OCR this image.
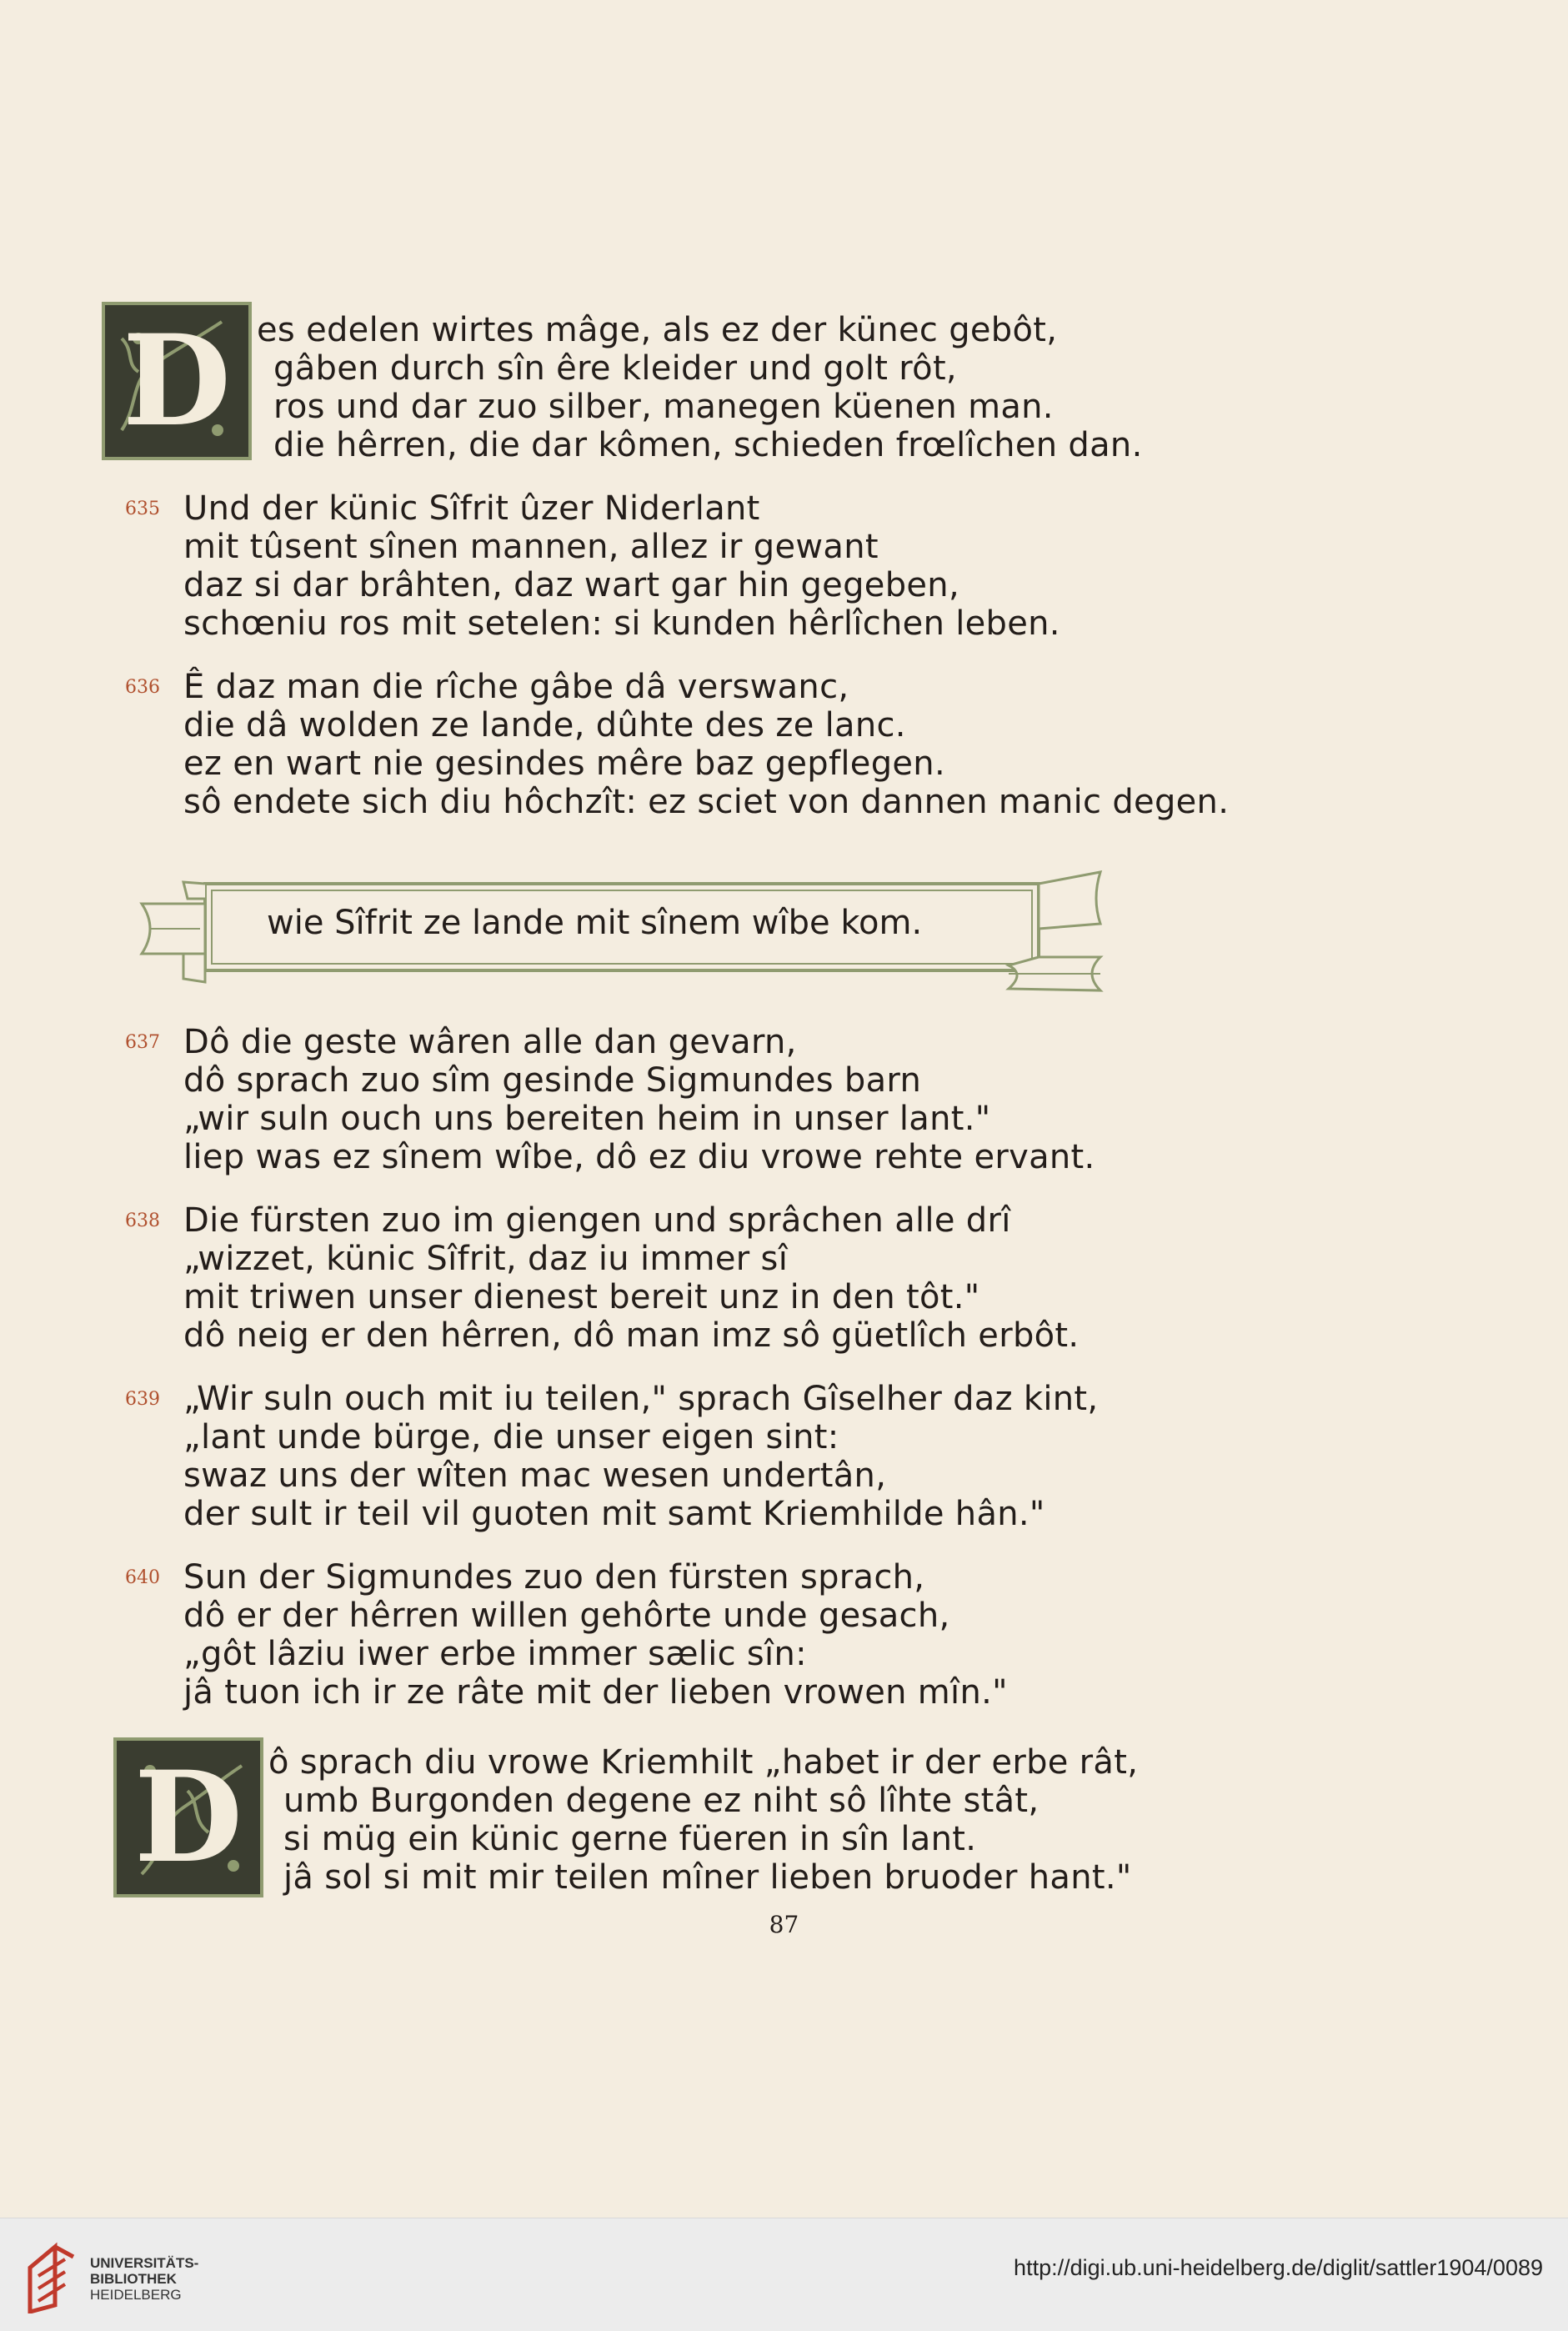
D es edelen wirtes mâge, als ez der künec gebôt,
gâben durch sîn êre kleider und golt rôt,
ros und dar zuo silber, manegen küenen man.
die hêrren, die dar kômen, schieden frœlîchen dan.
635 Und der künic Sîfrit ûzer Niderlant
mit tûsent sînen mannen, allez ir gewant
daz si dar brâhten, daz wart gar hin gegeben,
schœniu ros mit setelen: si kunden hêrlîchen leben.
636 Ê daz man die rîche gâbe dâ verswanc,
die dâ wolden ze lande, dûhte des ze lanc.
ez en wart nie gesindes mêre baz gepflegen.
sô endete sich diu hôchzît: ez sciet von dannen manic degen.
wie Sîfrit ze lande mit sînem wîbe kom.
637 Dô die geste wâren alle dan gevarn,
dô sprach zuo sîm gesinde Sigmundes barn
„wir suln ouch uns bereiten heim in unser lant."
liep was ez sînem wîbe, dô ez diu vrowe rehte ervant.
638 Die fürsten zuo im giengen und sprâchen alle drî
„wizzet, künic Sîfrit, daz iu immer sî
mit triwen unser dienest bereit unz in den tôt."
dô neig er den hêrren, dô man imz sô güetlîch erbôt.
639 „Wir suln ouch mit iu teilen," sprach Gîselher daz kint,
„lant unde bürge, die unser eigen sint:
swaz uns der wîten mac wesen undertân,
der sult ir teil vil guoten mit samt Kriemhilde hân."
640 Sun der Sigmundes zuo den fürsten sprach,
dô er der hêrren willen gehôrte unde gesach,
„gôt lâziu iwer erbe immer sælic sîn:
jâ tuon ich ir ze râte mit der lieben vrowen mîn."
D ô sprach diu vrowe Kriemhilt „habet ir der erbe rât,
umb Burgonden degene ez niht sô lîhte stât,
si müg ein künic gerne füeren in sîn lant.
jâ sol si mit mir teilen mîner lieben bruoder hant."
87
UNIVERSITÄTS-
BIBLIOTHEK
HEIDELBERG
http://digi.ub.uni-heidelberg.de/diglit/sattler1904/0089
